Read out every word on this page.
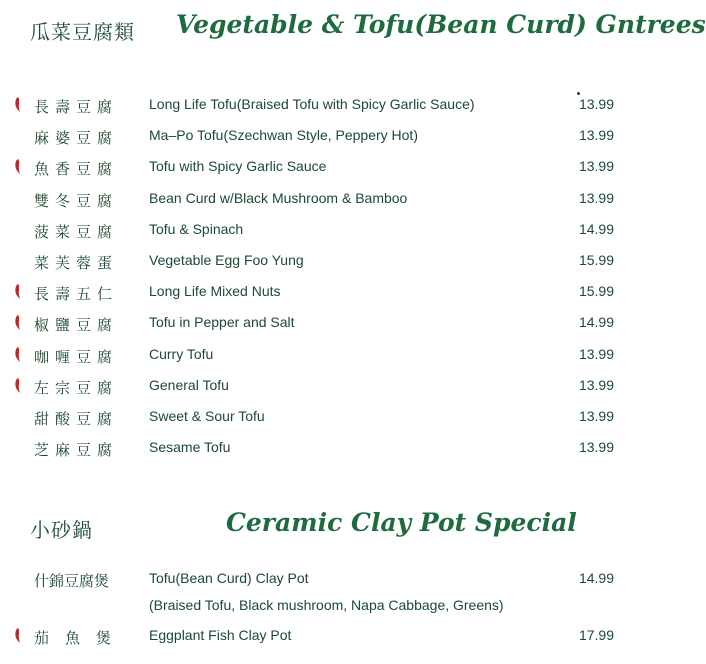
瓜菜豆腐類 Vegetable & Tofu(Bean Curd) Gntrees
長壽豆腐 Long Life Tofu(Braised Tofu with Spicy Garlic Sauce)	13.99
麻婆豆腐 Ma–Po Tofu(Szechwan Style, Peppery Hot)	13.99
魚香豆腐 Tofu with Spicy Garlic Sauce	13.99
雙冬豆腐 Bean Curd w/Black Mushroom & Bamboo	13.99
菠菜豆腐 Tofu & Spinach	14.99
菜芙蓉蛋 Vegetable Egg Foo Yung	15.99
長壽五仁 Long Life Mixed Nuts	15.99
椒鹽豆腐 Tofu in Pepper and Salt	14.99
咖喱豆腐 Curry Tofu	13.99
左宗豆腐 General Tofu	13.99
甜酸豆腐 Sweet & Sour Tofu	13.99
芝麻豆腐 Sesame Tofu	13.99
小砂鍋	Ceramic Clay Pot Special
什錦豆腐煲	Tofu(Bean Curd) Clay Pot	14.99
(Braised Tofu, Black mushroom, Napa Cabbage, Greens)
茄魚煲 Eggplant Fish Clay Pot	17.99
